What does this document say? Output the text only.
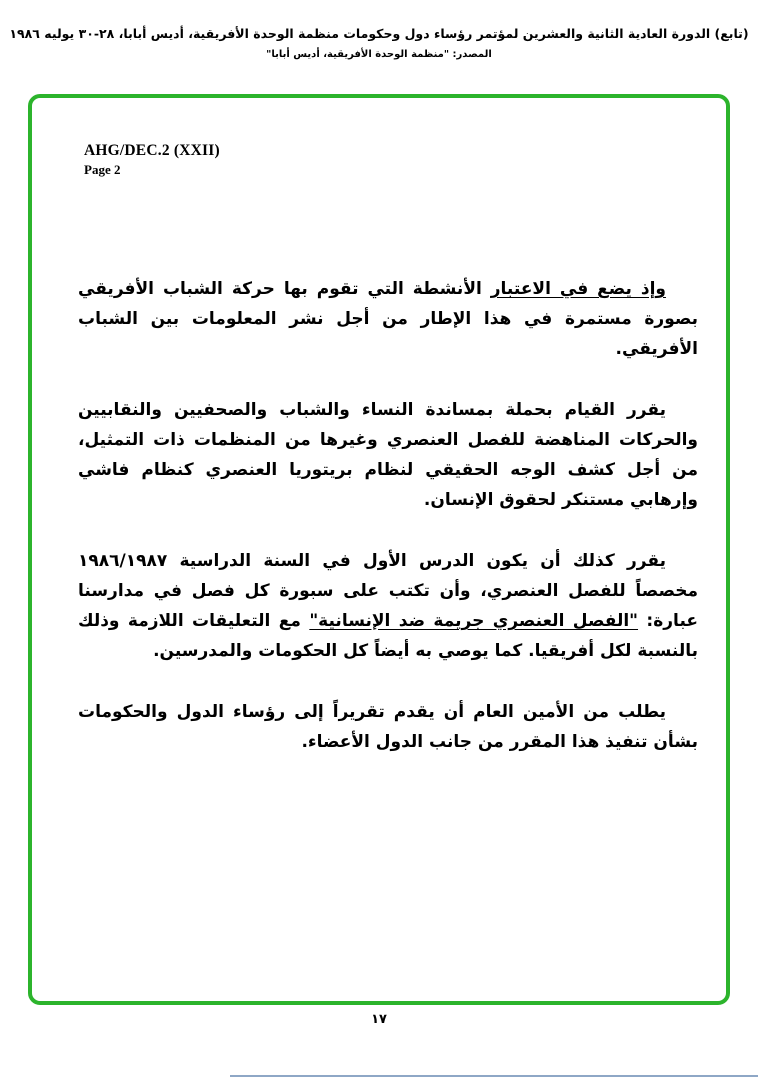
(تابع) الدورة العادية الثانية والعشرين لمؤتمر رؤساء دول وحكومات منظمة الوحدة الأفريقية، أديس أبابا، ٢٨-٣٠ يوليه ١٩٨٦
المصدر: "منظمة الوحدة الأفريقية، أديس أبابا"
AHG/DEC.2 (XXII)
Page 2

وإذ يضع في الاعتبار الأنشطة التي تقوم بها حركة الشباب الأفريقي بصورة مستمرة في هذا الإطار من أجل نشر المعلومات بين الشباب الأفريقي.

يقرر القيام بحملة بمساندة النساء والشباب والصحفيين والنقابيين والحركات المناهضة للفصل العنصري وغيرها من المنظمات ذات التمثيل، من أجل كشف الوجه الحقيقي لنظام بريتوريا العنصري كنظام فاشي وإرهابي مستنكر لحقوق الإنسان.

يقرر كذلك أن يكون الدرس الأول في السنة الدراسية ١٩٨٦/١٩٨٧ مخصصاً للفصل العنصري، وأن تكتب على سبورة كل فصل في مدارسنا عبارة: "الفصل العنصري جريمة ضد الإنسانية" مع التعليقات اللازمة وذلك بالنسبة لكل أفريقيا. كما يوصي به أيضاً كل الحكومات والمدرسين.

يطلب من الأمين العام أن يقدم تقريراً إلى رؤساء الدول والحكومات بشأن تنفيذ هذا المقرر من جانب الدول الأعضاء.

١٧
